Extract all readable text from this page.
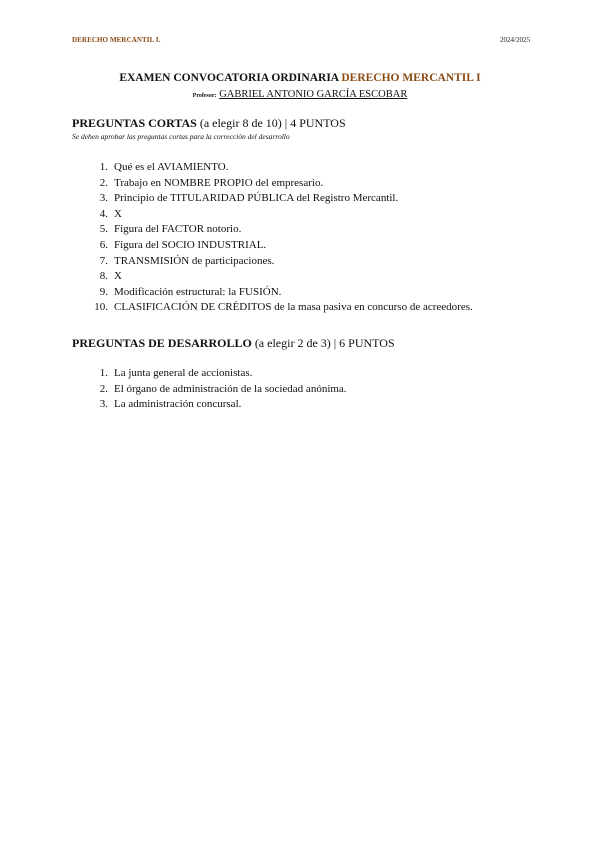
DERECHO MERCANTIL I.	2024/2025
EXAMEN CONVOCATORIA ORDINARIA DERECHO MERCANTIL I
Profesor: GABRIEL ANTONIO GARCÍA ESCOBAR
PREGUNTAS CORTAS (a elegir 8 de 10) | 4 PUNTOS
Se deben aprobar las preguntas cortas para la corrección del desarrollo
1. Qué es el AVIAMIENTO.
2. Trabajo en NOMBRE PROPIO del empresario.
3. Principio de TITULARIDAD PÚBLICA del Registro Mercantil.
4. X
5. Figura del FACTOR notorio.
6. Figura del SOCIO INDUSTRIAL.
7. TRANSMISIÓN de participaciones.
8. X
9. Modificación estructural: la FUSIÓN.
10. CLASIFICACIÓN DE CRÉDITOS de la masa pasiva en concurso de acreedores.
PREGUNTAS DE DESARROLLO (a elegir 2 de 3) | 6 PUNTOS
1. La junta general de accionistas.
2. El órgano de administración de la sociedad anónima.
3. La administración concursal.
